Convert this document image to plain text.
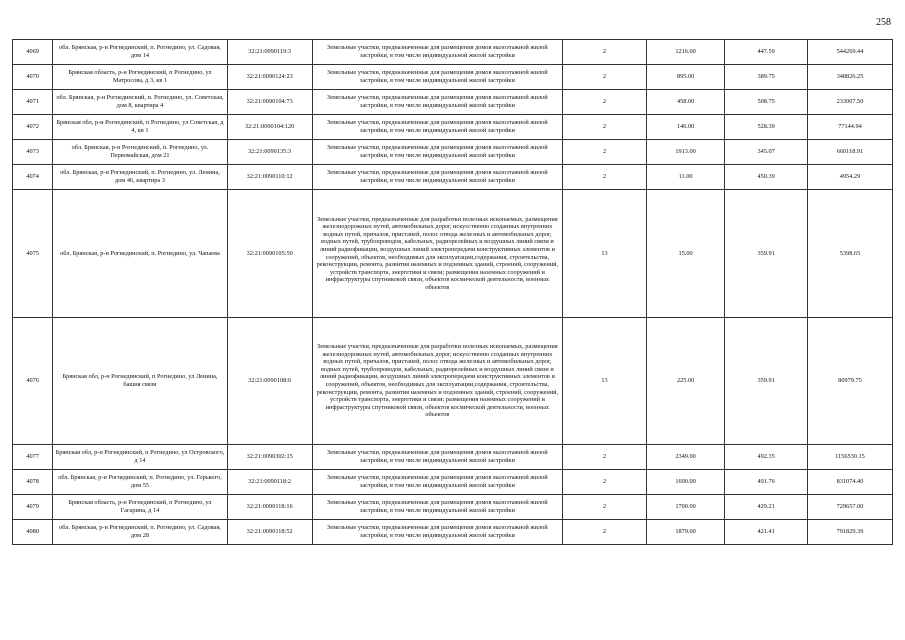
258
4069	обл. Брянская, р-н Рогнединский, п. Рогнедино, ул. Садовая, дом 14	32:21:0090119:3	Земельные участки, предназначенные для размещения домов малоэтажной жилой застройки, в том числе индивидуальной жилой застройки	2	1216.00	447.59	544269.44
4070	Брянская область, р-н Рогнединский, п Рогнедино, ул Матросова, д 3, кв 1	32:21:0090124:23	Земельные участки, предназначенные для размещения домов малоэтажной жилой застройки, в том числе индивидуальной жилой застройки	2	895.00	389.75	348826.25
4071	обл. Брянская, р-н Рогнединский, п. Рогнедино, ул. Советская, дом 8, квартира 4	32:21:0090104:73	Земельные участки, предназначенные для размещения домов малоэтажной жилой застройки, в том числе индивидуальной жилой застройки	2	458.00	508.75	233007.50
4072	Брянская обл, р-н Рогнединский, п Рогнедино, ул Советская, д 4, кв 1	32:21:0090104:120	Земельные участки, предназначенные для размещения домов малоэтажной жилой застройки, в том числе индивидуальной жилой застройки	2	146.00	528.39	77144.94
4073	обл. Брянская, р-н Рогнединский, п. Рогнедино, ул. Первомайская, дом 21	32:21:0090135:3	Земельные участки, предназначенные для размещения домов малоэтажной жилой застройки, в том числе индивидуальной жилой застройки	2	1913.00	345.07	660118.91
4074	обл. Брянская, р-н Рогнединский, п. Рогнедино, ул. Ленина, дом 46, квартира 3	32:21:0090110:12	Земельные участки, предназначенные для размещения домов малоэтажной жилой застройки, в том числе индивидуальной жилой застройки	2	11.00	450.39	4954.29
4075	обл. Брянская, р-н Рогнединский, п. Рогнедино, ул. Чапаева	32:21:0090105:50	Земельные участки, предназначенные для разработки полезных ископаемых, размещения железнодорожных путей, автомобильных дорог, искусственно созданных внутренних водных путей, причалов, пристаней, полос отвода железных и автомобильных дорог, водных путей, трубопроводов, кабельных, радиорелейных и воздушных линий связи и линий радиофикации, воздушных линий электропередачи конструктивных элементов и сооружений, объектов, необходимых для эксплуатации,содержания, строительства, реконструкции, ремонта, развития наземных и подземных зданий, строений, сооружений, устройств транспорта, энергетики и связи; размещения наземных сооружений и инфраструктуры спутниковой связи, объектов космической деятельности, военных объектов	13	15.00	359.91	5398.65
4076	Брянская обл, р-н Рогнединский, п Рогнедино, ул Ленина, башня связи	32:21:0090108:6	Земельные участки, предназначенные для разработки полезных ископаемых, размещения железнодорожных путей, автомобильных дорог, искусственно созданных внутренних водных путей, причалов, пристаней, полос отвода железных и автомобильных дорог, водных путей, трубопроводов, кабельных, радиорелейных и воздушных линий связи и линий радиофикации, воздушных линий электропередачи конструктивных элементов и сооружений, объектов, необходимых для эксплуатации,содержания, строительства, реконструкции, ремонта, развития наземных и подземных зданий, строений, сооружений, устройств транспорта, энергетики и связи; размещения наземных сооружений и инфраструктуры спутниковой связи, объектов космической деятельности, военных объектов	13	225.00	359.91	80979.75
4077	Брянская обл, р-н Рогнединский, п Рогнедино, ул Островского, д 14	32:21:0090302:15	Земельные участки, предназначенные для размещения домов малоэтажной жилой застройки, в том числе индивидуальной жилой застройки	2	2349.00	492.35	1156530.15
4078	обл. Брянская, р-н Рогнединский, п. Рогнедино, ул. Горького, дом 55	32:21:0090118:2	Земельные участки, предназначенные для размещения домов малоэтажной жилой застройки, в том числе индивидуальной жилой застройки	2	1690.00	491.76	831074.40
4079	Брянская область, р-н Рогнединский, п Рогнедино, ул Гагарина, д 14	32:21:0090118:16	Земельные участки, предназначенные для размещения домов малоэтажной жилой застройки, в том числе индивидуальной жилой застройки	2	1700.00	429.21	729657.00
4080	обл. Брянская, р-н Рогнединский, п. Рогнедино, ул. Садовая, дом 28	32:21:0090118:52	Земельные участки, предназначенные для размещения домов малоэтажной жилой застройки, в том числе индивидуальной жилой застройки	2	1879.00	421.41	791829.39
